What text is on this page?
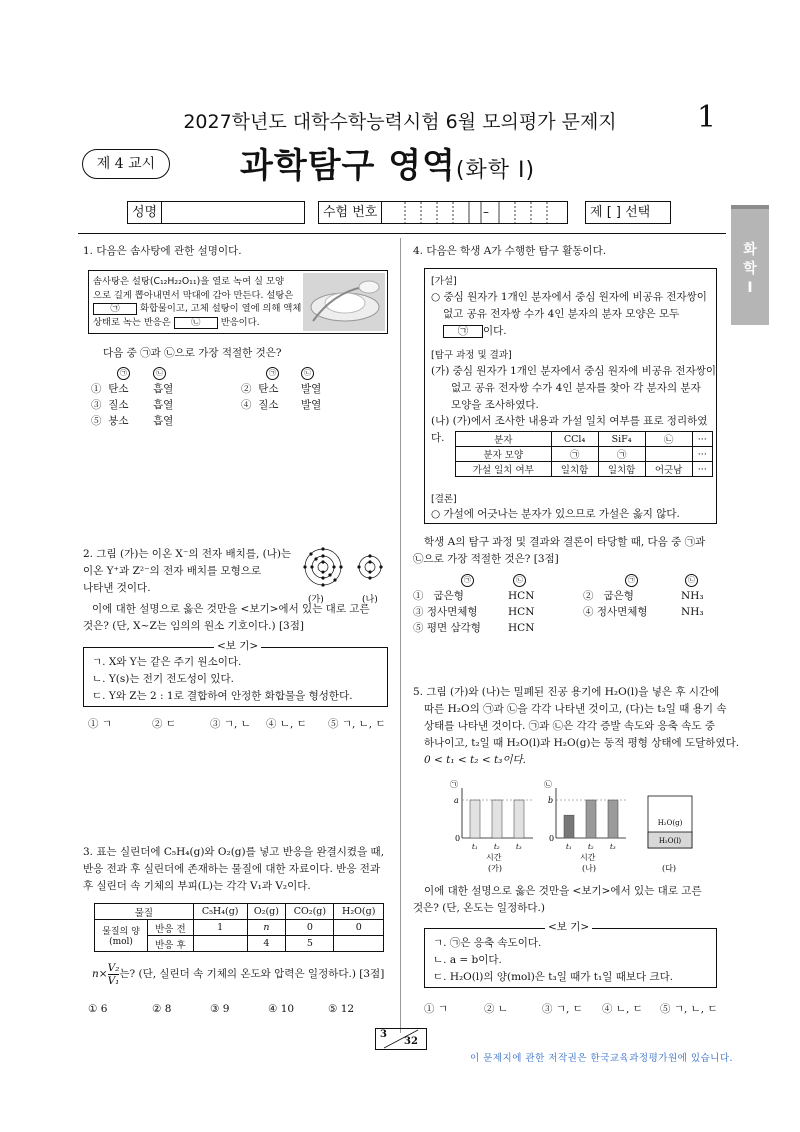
2027학년도 대학수학능력시험 6월 모의평가 문제지	1
제 4 교시	과학탐구 영역(화학 I)
성명	수험 번호	–	제 [ ] 선택
화
학
I
1. 다음은 솜사탕에 관한 설명이다.
솜사탕은 설탕(C₁₂H₂₂O₁₁)을 열로 녹여 실 모양
으로 길게 뽑아내면서 막대에 감아 만든다. 설탕은
㉠ 화합물이고, 고체 설탕이 열에 의해 액체
상태로 녹는 반응은 ㉡ 반응이다.
다음 중 ㉠과 ㉡으로 가장 적절한 것은?
㉠	㉡	㉠	㉡
① 탄소 흡열	② 탄소 발열
③ 질소 흡열	④ 질소 발열
⑤ 붕소 흡열
2. 그림 (가)는 이온 X⁻의 전자 배치를, (나)는
이온 Y⁺과 Z²⁻의 전자 배치를 모형으로
나타낸 것이다.
.
(가)	(나)
이에 대한 설명으로 옳은 것만을 <보기>에서 있는 대로 고른
것은? (단, X~Z는 임의의 원소 기호이다.) [3점]
<보 기>
ㄱ. X와 Y는 같은 주기 원소이다.
ㄴ. Y(s)는 전기 전도성이 있다.
ㄷ. Y와 Z는 2 : 1로 결합하여 안정한 화합물을 형성한다.
① ㄱ	② ㄷ	③ ㄱ, ㄴ ④ ㄴ, ㄷ ⑤ ㄱ, ㄴ, ㄷ
3. 표는 실린더에 C₅H₄(g)와 O₂(g)를 넣고 반응을 완결시켰을 때,
반응 전과 후 실린더에 존재하는 물질에 대한 자료이다. 반응 전과
후 실린더 속 기체의 부피(L)는 각각 V₁과 V₂이다.
물질		C₅H₄(g)	O₂(g)	CO₂(g)	H₂O(g)
물질의 양 (mol)	반응 전	1	n	0	0
	반응 후		4	5	
$n\times \frac{\text{V₂}}{\text{V₁}}$ 는? (단, 실린더 속 기체의 온도와 압력은 일정하다.) [3점]
① 6	② 8	③ 9	④ 10	⑤ 12
4. 다음은 학생 A가 수행한 탐구 활동이다.
[가설]
○ 중심 원자가 1개인 분자에서 중심 원자에 비공유 전자쌍이
없고 공유 전자쌍 수가 4인 분자의 분자 모양은 모두
㉠ 이다.
[탐구 과정 및 결과]
(가) 중심 원자가 1개인 분자에서 중심 원자에 비공유 전자쌍이
없고 공유 전자쌍 수가 4인 분자를 찾아 각 분자의 분자
모양을 조사하였다.
(나) (가)에서 조사한 내용과 가설 일치 여부를 표로 정리하였다.	분자	CCl₄	SiF₄	㉡	···
분자 모양	㉠	㉠		···
가설 일치 여부	일치함	일치함	어긋남	···
[결론]
○ 가설에 어긋나는 분자가 있으므로 가설은 옳지 않다.
학생 A의 탐구 과정 및 결과와 결론이 타당할 때, 다음 중 ㉠과
㉡으로 가장 적절한 것은? [3점]
㉠	㉡	㉠	㉡
① 굽은형	HCN	② 굽은형	NH₃
③ 정사면체형	HCN	④ 정사면체형	NH₃
⑤ 평면 삼각형	HCN
5. 그림 (가)와 (나)는 밀폐된 진공 용기에 H₂O(l)을 넣은 후 시간에
따른 H₂O의 ㉠과 ㉡을 각각 나타낸 것이고, (다)는 t₂일 때 용기 속
상태를 나타낸 것이다. ㉠과 ㉡은 각각 증발 속도와 응축 속도 중
하나이고, t₂일 때 H₂O(l)과 H₂O(g)는 동적 평형 상태에 도달하였다.
0 < t₁ < t₂ < t₃이다.
㉠
a
0
시간
(가)
t₁ t₂ t₃
㉡
b
0
시간
(나)
t₁ t₂ t₃
H₂O(g)
H₂O(l)
(다)
이에 대한 설명으로 옳은 것만을 <보기>에서 있는 대로 고른
것은? (단, 온도는 일정하다.)
<보 기>
ㄱ. ㉠은 응축 속도이다.
ㄴ. a = b이다.
ㄷ. H₂O(l)의 양(mol)은 t₃일 때가 t₁일 때보다 크다.
① ㄱ	② ㄴ	③ ㄱ, ㄷ ④ ㄴ, ㄷ ⑤ ㄱ, ㄴ, ㄷ
3
32
이 문제지에 관한 저작권은 한국교육과정평가원에 있습니다.
